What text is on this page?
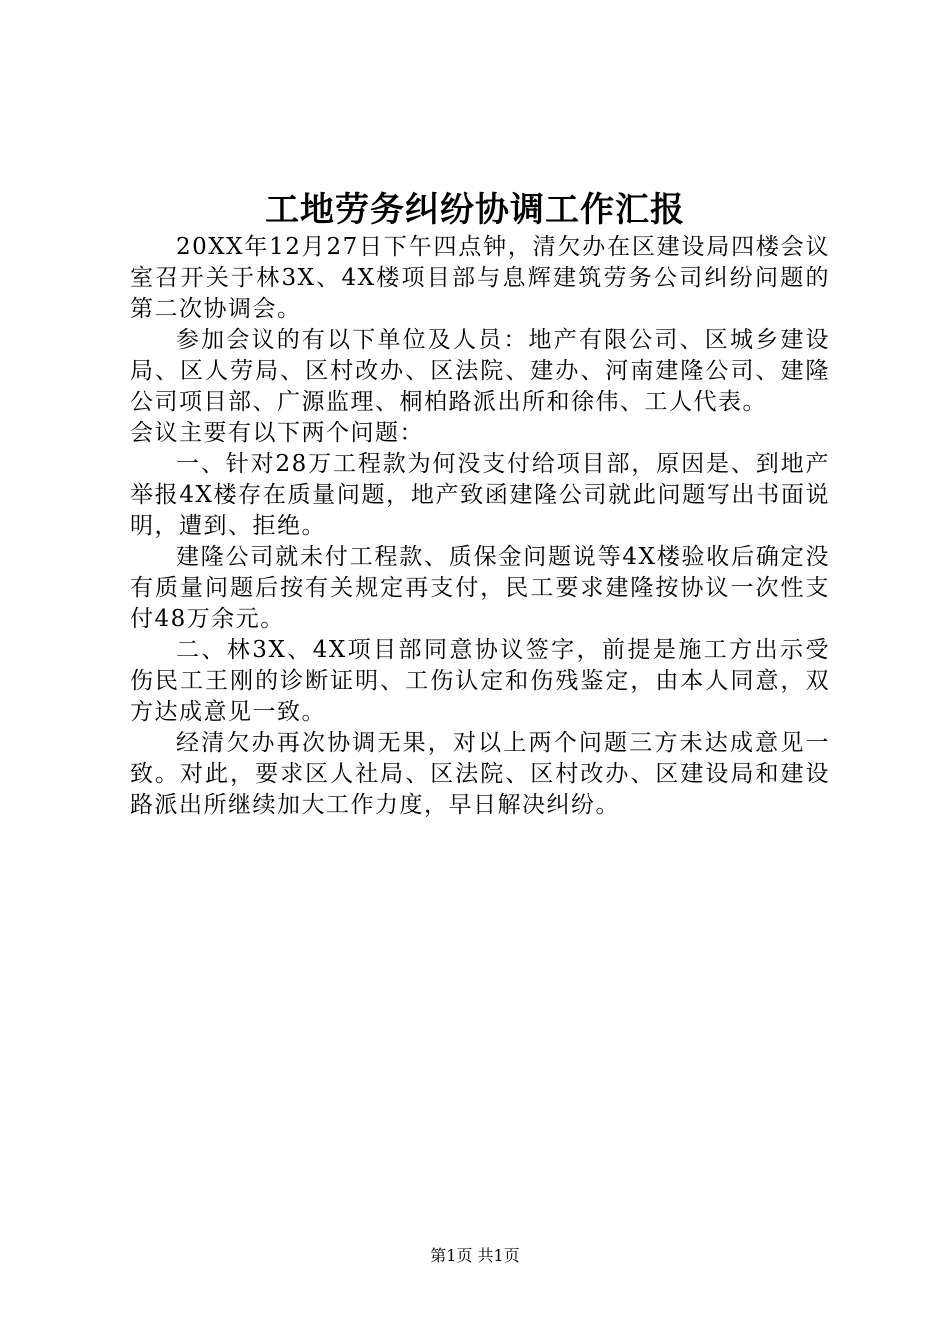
工地劳务纠纷协调工作汇报

20XX年12月27日下午四点钟，清欠办在区建设局四楼会议室召开关于林3X、4X楼项目部与息辉建筑劳务公司纠纷问题的第二次协调会。

参加会议的有以下单位及人员：地产有限公司、区城乡建设局、区人劳局、区村改办、区法院、建办、河南建隆公司、建隆公司项目部、广源监理、桐柏路派出所和徐伟、工人代表。

会议主要有以下两个问题：

一、针对28万工程款为何没支付给项目部，原因是、到地产举报4X楼存在质量问题，地产致函建隆公司就此问题写出书面说明，遭到、拒绝。

建隆公司就未付工程款、质保金问题说等4X楼验收后确定没有质量问题后按有关规定再支付，民工要求建隆按协议一次性支付48万余元。

二、林3X、4X项目部同意协议签字，前提是施工方出示受伤民工王刚的诊断证明、工伤认定和伤残鉴定，由本人同意，双方达成意见一致。

经清欠办再次协调无果，对以上两个问题三方未达成意见一致。对此，要求区人社局、区法院、区村改办、区建设局和建设路派出所继续加大工作力度，早日解决纠纷。

第1页 共1页
